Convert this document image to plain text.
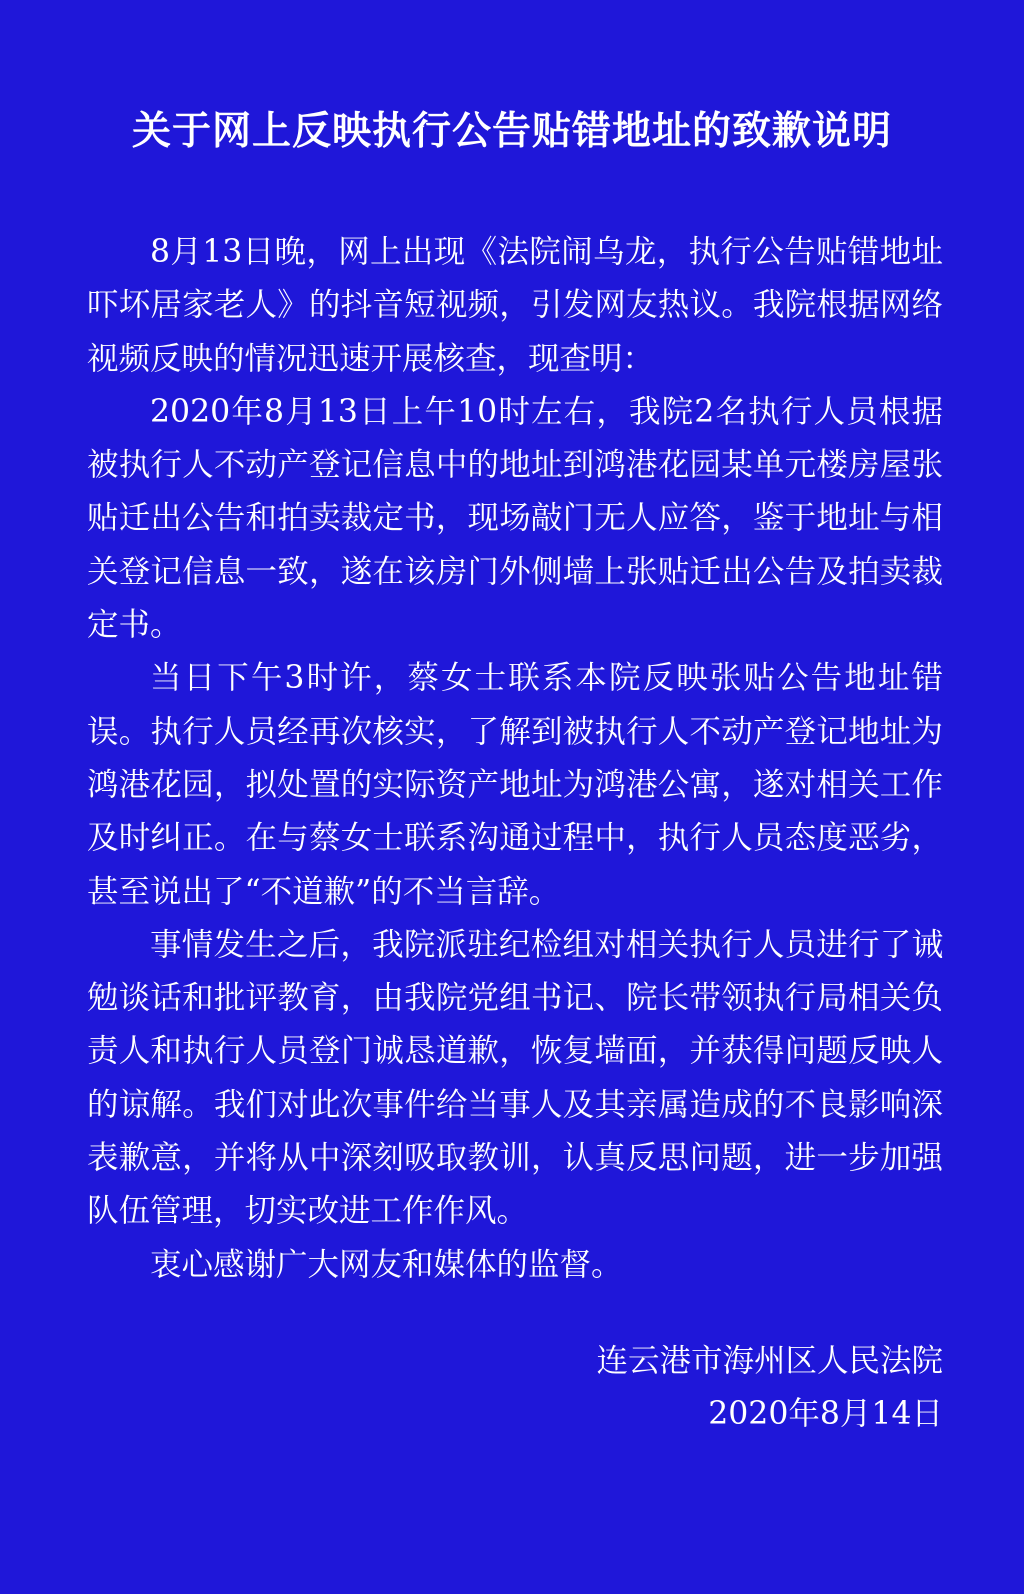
关于网上反映执行公告贴错地址的致歉说明

8月13日晚，网上出现《法院闹乌龙，执行公告贴错地址吓坏居家老人》的抖音短视频，引发网友热议。我院根据网络视频反映的情况迅速开展核查，现查明：

2020年8月13日上午10时左右，我院2名执行人员根据被执行人不动产登记信息中的地址到鸿港花园某单元楼房屋张贴迁出公告和拍卖裁定书，现场敲门无人应答，鉴于地址与相关登记信息一致，遂在该房门外侧墙上张贴迁出公告及拍卖裁定书。

当日下午3时许，蔡女士联系本院反映张贴公告地址错误。执行人员经再次核实，了解到被执行人不动产登记地址为鸿港花园，拟处置的实际资产地址为鸿港公寓，遂对相关工作及时纠正。在与蔡女士联系沟通过程中，执行人员态度恶劣，甚至说出了“不道歉”的不当言辞。

事情发生之后，我院派驻纪检组对相关执行人员进行了诫勉谈话和批评教育，由我院党组书记、院长带领执行局相关负责人和执行人员登门诚恳道歉，恢复墙面，并获得问题反映人的谅解。我们对此次事件给当事人及其亲属造成的不良影响深表歉意，并将从中深刻吸取教训，认真反思问题，进一步加强队伍管理，切实改进工作作风。

衷心感谢广大网友和媒体的监督。

连云港市海州区人民法院
2020年8月14日
